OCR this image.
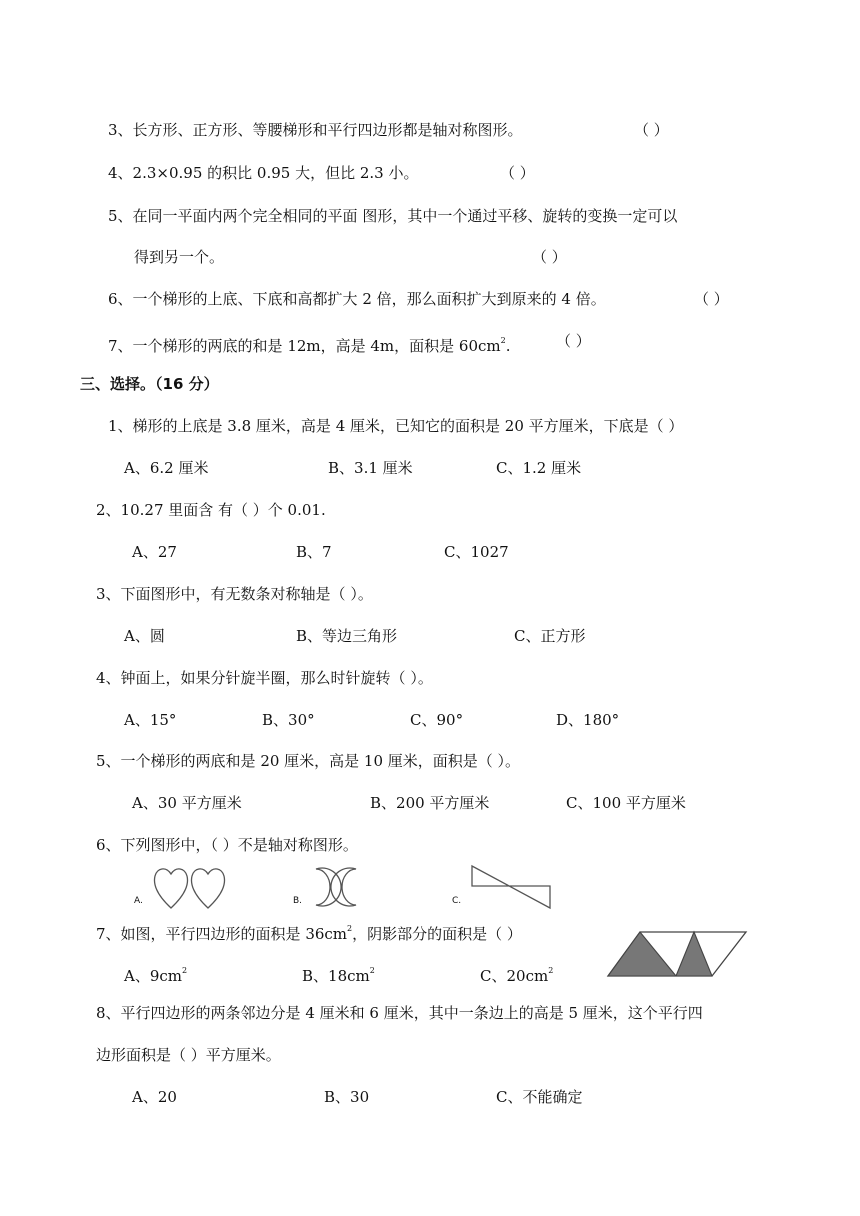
3、长方形、正方形、等腰梯形和平行四边形都是轴对称图形。	（ ）
4、2.3×0.95 的积比 0.95 大，但比 2.3 小。	（ ）
5、在同一平面内两个完全相同的平面 图形，其中一个通过平移、旋转的变换一定可以
得到另一个。	（ ）
6、一个梯形的上底、下底和高都扩大 2 倍，那么面积扩大到原来的 4 倍。	（ ）
7、一个梯形的两底的和是 12m，高是 4m，面积是 $60cm^2$.	（ ）
三、选择。（16 分）
1、梯形的上底是 3.8 厘米，高是 4 厘米，已知它的面积是 20 平方厘米，下底是（ ）
A、6.2 厘米	B、3.1 厘米	C、1.2 厘米
2、10.27 里面含 有（ ）个 0.01.
A、27	B、7	C、1027
3、下面图形中，有无数条对称轴是（ ）。
A、圆	B、等边三角形	C、正方形
4、钟面上，如果分针旋半圈，那么时针旋转（ ）。
A、15°	B、30°	C、90°	D、180°
5、一个梯形的两底和是 20 厘米，高是 10 厘米，面积是（ ）。
A、30 平方厘米	B、200 平方厘米	C、100 平方厘米
6、下列图形中，（ ）不是轴对称图形。
A.	B.	C.
7、如图，平行四边形的面积是 $36cm^2$，阴影部分的面积是（ ）
A、$9cm^2$	B、$18cm^2$	C、$20cm^2$
8、平行四边形的两条邻边分是 4 厘米和 6 厘米，其中一条边上的高是 5 厘米，这个平行四
边形面积是（ ）平方厘米。
A、20	B、30	C、不能确定
